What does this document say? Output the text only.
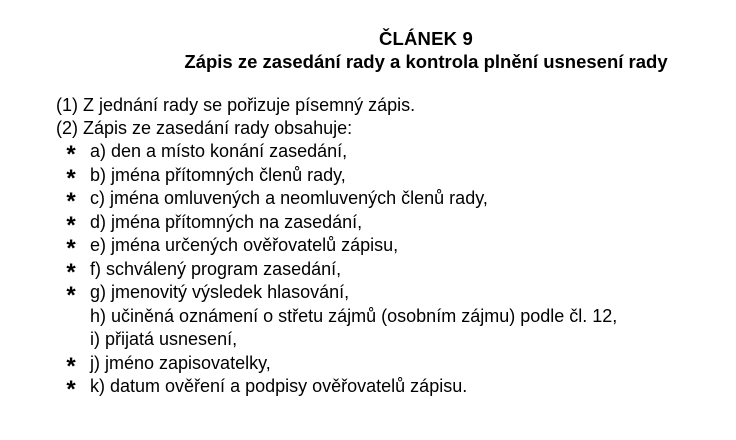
ČLÁNEK 9
Zápis ze zasedání rady a kontrola plnění usnesení rady
(1) Z jednání rady se pořizuje písemný zápis.
(2) Zápis ze zasedání rady obsahuje:
* a) den a místo konání zasedání,
* b) jména přítomných členů rady,
* c) jména omluvených a neomluvených členů rady,
* d) jména přítomných na zasedání,
* e) jména určených ověřovatelů zápisu,
* f) schválený program zasedání,
* g) jmenovitý výsledek hlasování,
h) učiněná oznámení o střetu zájmů (osobním zájmu) podle čl. 12,
i) přijatá usnesení,
* j) jméno zapisovatelky,
* k) datum ověření a podpisy ověřovatelů zápisu.
